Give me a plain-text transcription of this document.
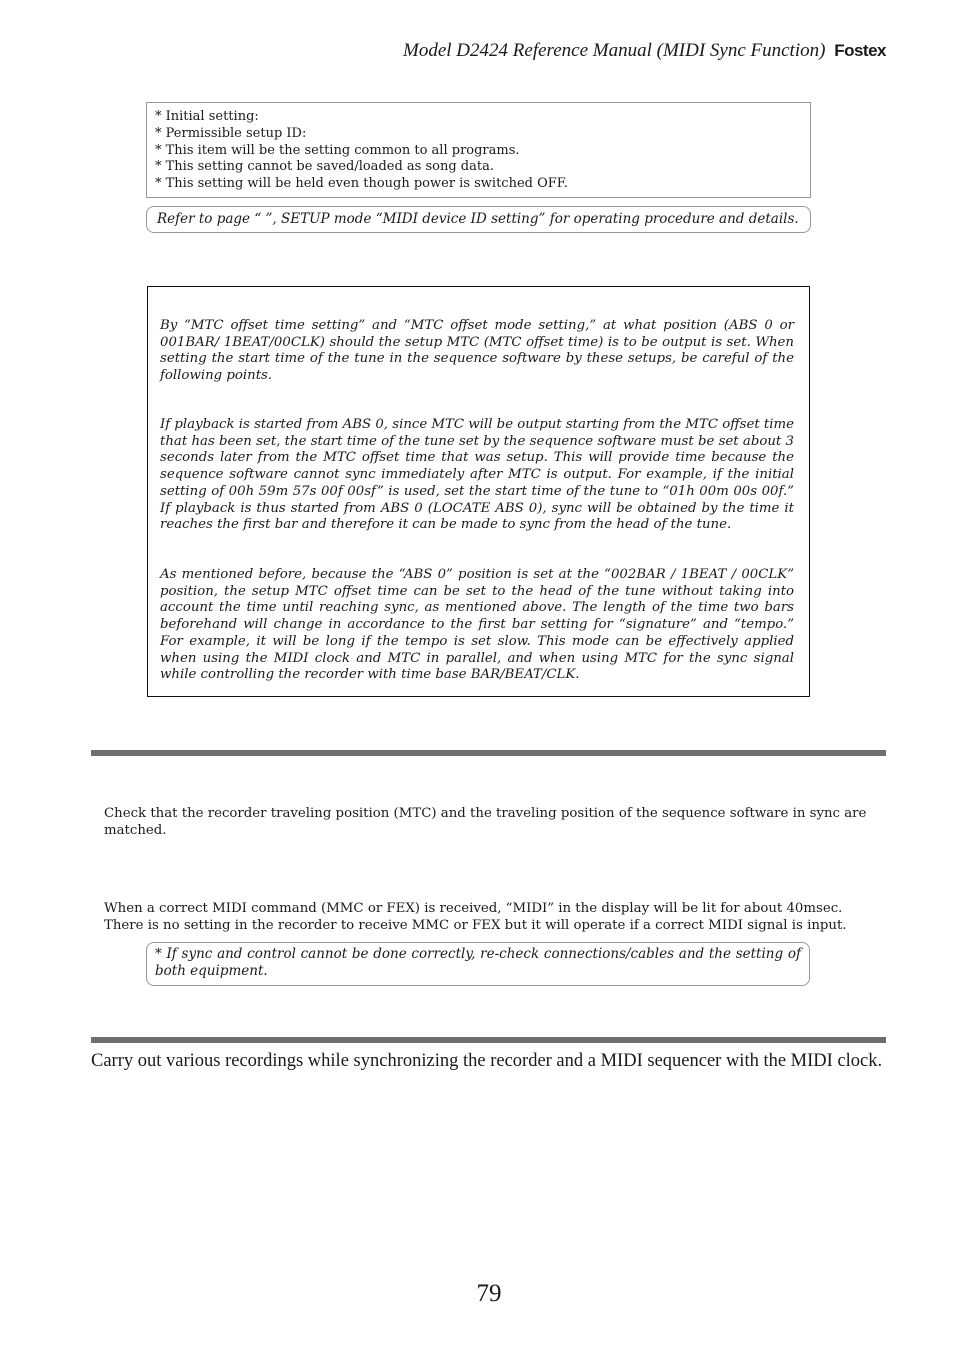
Model D2424 Reference Manual (MIDI Sync Function) Fostex
* Initial setting:
* Permissible setup ID:
* This item will be the setting common to all programs.
* This setting cannot be saved/loaded as song data.
* This setting will be held even though power is switched OFF.
Refer to page “ ”, SETUP mode “MIDI device ID setting” for operating procedure and details.

By “MTC offset time setting” and “MTC offset mode setting,” at what position (ABS 0 or 001BAR/ 1BEAT/00CLK) should the setup MTC (MTC offset time) is to be output is set. When setting the start time of the tune in the sequence software by these setups, be careful of the following points.

If playback is started from ABS 0, since MTC will be output starting from the MTC offset time that has been set, the start time of the tune set by the sequence software must be set about 3 seconds later from the MTC offset time that was setup. This will provide time because the sequence software cannot sync immediately after MTC is output. For example, if the initial setting of 00h 59m 57s 00f 00sf” is used, set the start time of the tune to “01h 00m 00s 00f.” If playback is thus started from ABS 0 (LOCATE ABS 0), sync will be obtained by the time it reaches the first bar and therefore it can be made to sync from the head of the tune.

As mentioned before, because the “ABS 0” position is set at the “002BAR / 1BEAT / 00CLK” position, the setup MTC offset time can be set to the head of the tune without taking into account the time until reaching sync, as mentioned above. The length of the time two bars beforehand will change in accordance to the first bar setting for “signature” and “tempo.” For example, it will be long if the tempo is set slow. This mode can be effectively applied when using the MIDI clock and MTC in parallel, and when using MTC for the sync signal while controlling the recorder with time base BAR/BEAT/CLK.

Check that the recorder traveling position (MTC) and the traveling position of the sequence software in sync are matched.

When a correct MIDI command (MMC or FEX) is received, “MIDI” in the display will be lit for about 40msec. There is no setting in the recorder to receive MMC or FEX but it will operate if a correct MIDI signal is input.

* If sync and control cannot be done correctly, re-check connections/cables and the setting of both equipment.

Carry out various recordings while synchronizing the recorder and a MIDI sequencer with the MIDI clock.

79
